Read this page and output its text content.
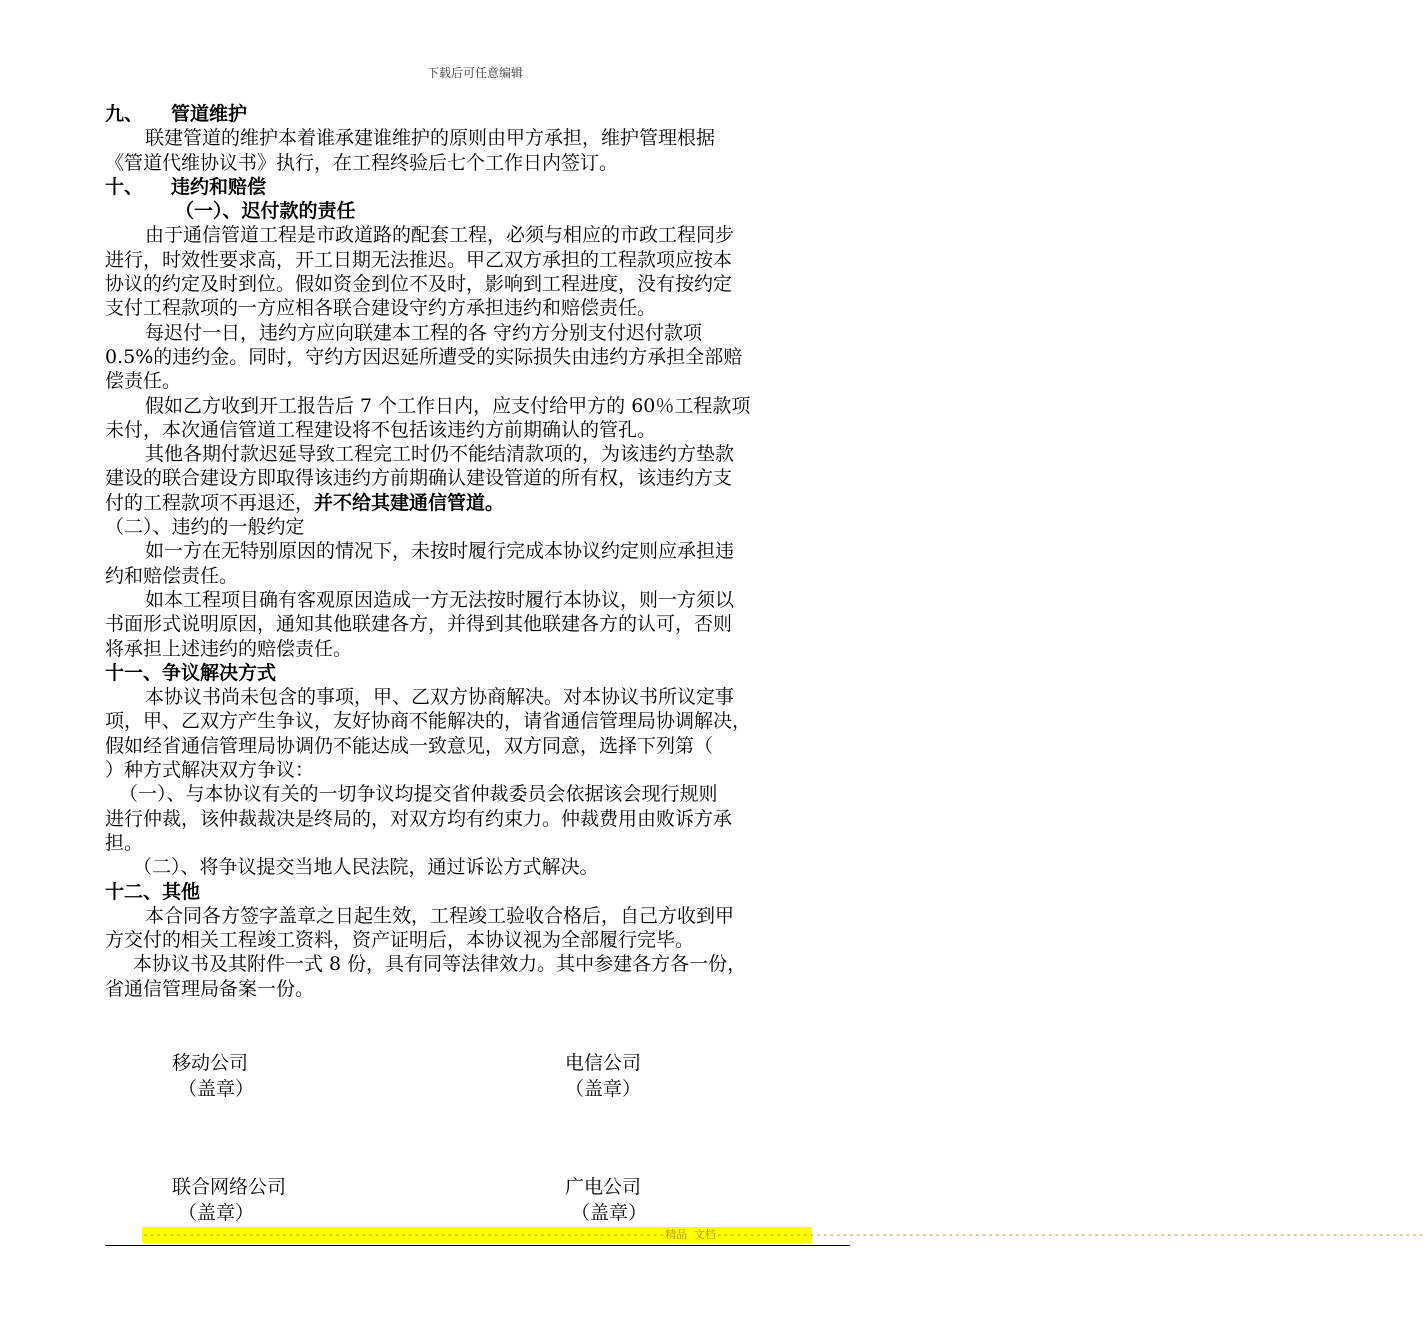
下载后可任意编辑
九、 管道维护
联建管道的维护本着谁承建谁维护的原则由甲方承担，维护管理根据
《管道代维协议书》执行，在工程终验后七个工作日内签订。
十、 违约和赔偿
（一）、迟付款的责任
由于通信管道工程是市政道路的配套工程，必须与相应的市政工程同步
进行，时效性要求高，开工日期无法推迟。甲乙双方承担的工程款项应按本
协议的约定及时到位。假如资金到位不及时，影响到工程进度，没有按约定
支付工程款项的一方应相各联合建设守约方承担违约和赔偿责任。
每迟付一日，违约方应向联建本工程的各 守约方分别支付迟付款项
0.5%的违约金。同时，守约方因迟延所遭受的实际损失由违约方承担全部赔
偿责任。
假如乙方收到开工报告后 7 个工作日内，应支付给甲方的 60％工程款项
未付，本次通信管道工程建设将不包括该违约方前期确认的管孔。
其他各期付款迟延导致工程完工时仍不能结清款项的，为该违约方垫款
建设的联合建设方即取得该违约方前期确认建设管道的所有权，该违约方支
付的工程款项不再退还，并不给其建通信管道。
（二）、违约的一般约定
如一方在无特别原因的情况下，未按时履行完成本协议约定则应承担违
约和赔偿责任。
如本工程项目确有客观原因造成一方无法按时履行本协议，则一方须以
书面形式说明原因，通知其他联建各方，并得到其他联建各方的认可，否则
将承担上述违约的赔偿责任。
十一、争议解决方式
本协议书尚未包含的事项，甲、乙双方协商解决。对本协议书所议定事
项，甲、乙双方产生争议，友好协商不能解决的，请省通信管理局协调解决，
假如经省通信管理局协调仍不能达成一致意见，双方同意，选择下列第（
）种方式解决双方争议：
（一）、与本协议有关的一切争议均提交省仲裁委员会依据该会现行规则
进行仲裁，该仲裁裁决是终局的，对双方均有约束力。仲裁费用由败诉方承
担。
（二）、将争议提交当地人民法院，通过诉讼方式解决。
十二、其他
本合同各方签字盖章之日起生效，工程竣工验收合格后，自己方收到甲
方交付的相关工程竣工资料，资产证明后，本协议视为全部履行完毕。
本协议书及其附件一式 8 份，具有同等法律效力。其中参建各方各一份，
省通信管理局备案一份。
移动公司
（盖章）
电信公司
（盖章）
联合网络公司
（盖章）
广电公司
（盖章）
-------------------------------------------------------------------------------精品 文档-----------------------------------------------------------------------------------------------------------
